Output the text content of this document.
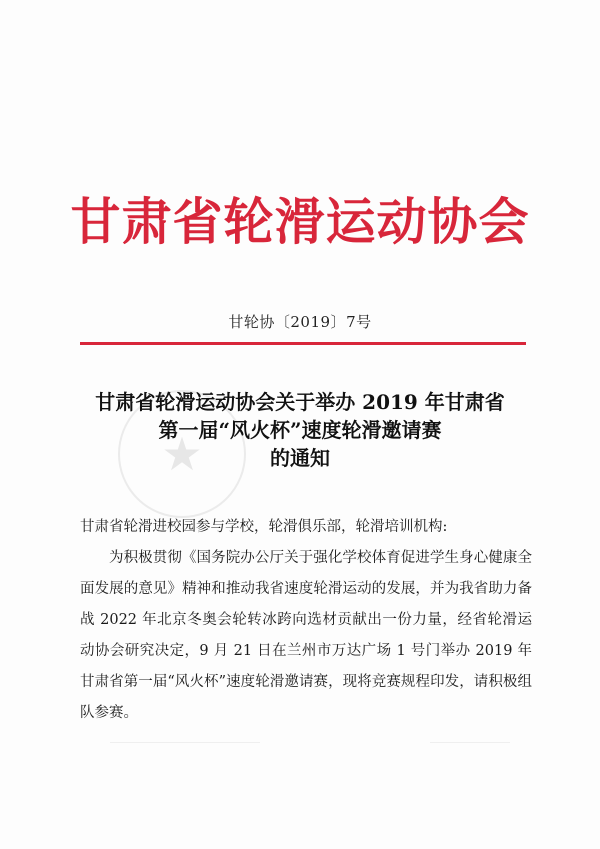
甘肃省轮滑运动协会
甘轮协〔2019〕7号
★
甘肃省轮滑运动协会关于举办 2019 年甘肃省
第一届“风火杯”速度轮滑邀请赛
的通知
甘肃省轮滑进校园参与学校，轮滑俱乐部，轮滑培训机构:
为积极贯彻《国务院办公厅关于强化学校体育促进学生身心健康全面发展的意见》精神和推动我省速度轮滑运动的发展，并为我省助力备战 2022 年北京冬奥会轮转冰跨向选材贡献出一份力量，经省轮滑运动协会研究决定，9 月 21 日在兰州市万达广场 1 号门举办 2019 年甘肃省第一届“风火杯”速度轮滑邀请赛，现将竞赛规程印发，请积极组队参赛。
